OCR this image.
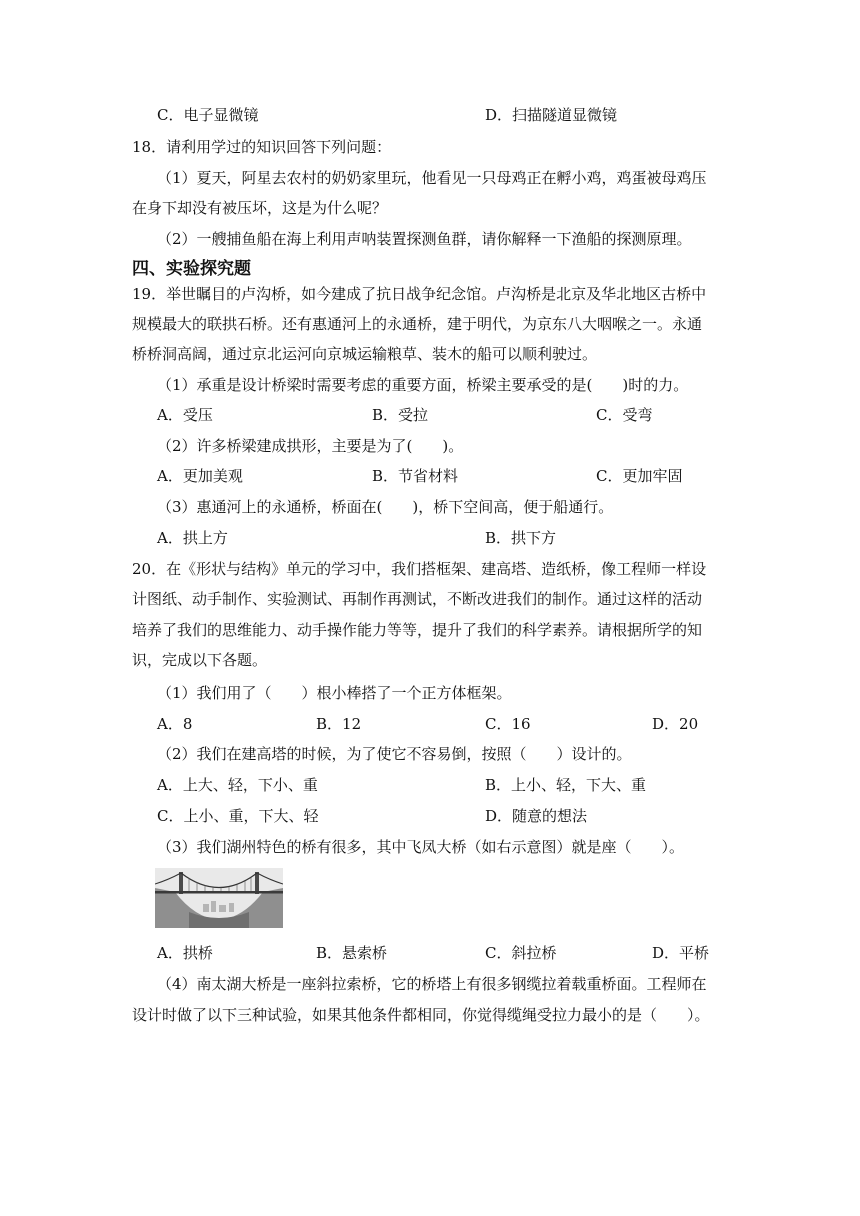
C．电子显微镜	D．扫描隧道显微镜
18．请利用学过的知识回答下列问题：
（1）夏天，阿星去农村的奶奶家里玩，他看见一只母鸡正在孵小鸡，鸡蛋被母鸡压
在身下却没有被压坏，这是为什么呢？
（2）一艘捕鱼船在海上利用声呐装置探测鱼群，请你解释一下渔船的探测原理。
四、实验探究题
19．举世瞩目的卢沟桥，如今建成了抗日战争纪念馆。卢沟桥是北京及华北地区古桥中
规模最大的联拱石桥。还有惠通河上的永通桥，建于明代，为京东八大咽喉之一。永通
桥桥洞高阔，通过京北运河向京城运输粮草、装木的船可以顺利驶过。
（1）承重是设计桥梁时需要考虑的重要方面，桥梁主要承受的是(　　)时的力。
A．受压	B．受拉	C．受弯
（2）许多桥梁建成拱形，主要是为了(　　)。
A．更加美观	B．节省材料	C．更加牢固
（3）惠通河上的永通桥，桥面在(　　)，桥下空间高，便于船通行。
A．拱上方	B．拱下方
20．在《形状与结构》单元的学习中，我们搭框架、建高塔、造纸桥，像工程师一样设
计图纸、动手制作、实验测试、再制作再测试，不断改进我们的制作。通过这样的活动
培养了我们的思维能力、动手操作能力等等，提升了我们的科学素养。请根据所学的知
识，完成以下各题。
（1）我们用了（　　）根小棒搭了一个正方体框架。
A．8	B．12	C．16	D．20
（2）我们在建高塔的时候，为了使它不容易倒，按照（　　）设计的。
A．上大、轻，下小、重	B．上小、轻，下大、重
C．上小、重，下大、轻	D．随意的想法
（3）我们湖州特色的桥有很多，其中飞凤大桥（如右示意图）就是座（　　）。
A．拱桥	B．悬索桥	C．斜拉桥	D．平桥
（4）南太湖大桥是一座斜拉索桥，它的桥塔上有很多钢缆拉着载重桥面。工程师在
设计时做了以下三种试验，如果其他条件都相同，你觉得缆绳受拉力最小的是（　　）。
